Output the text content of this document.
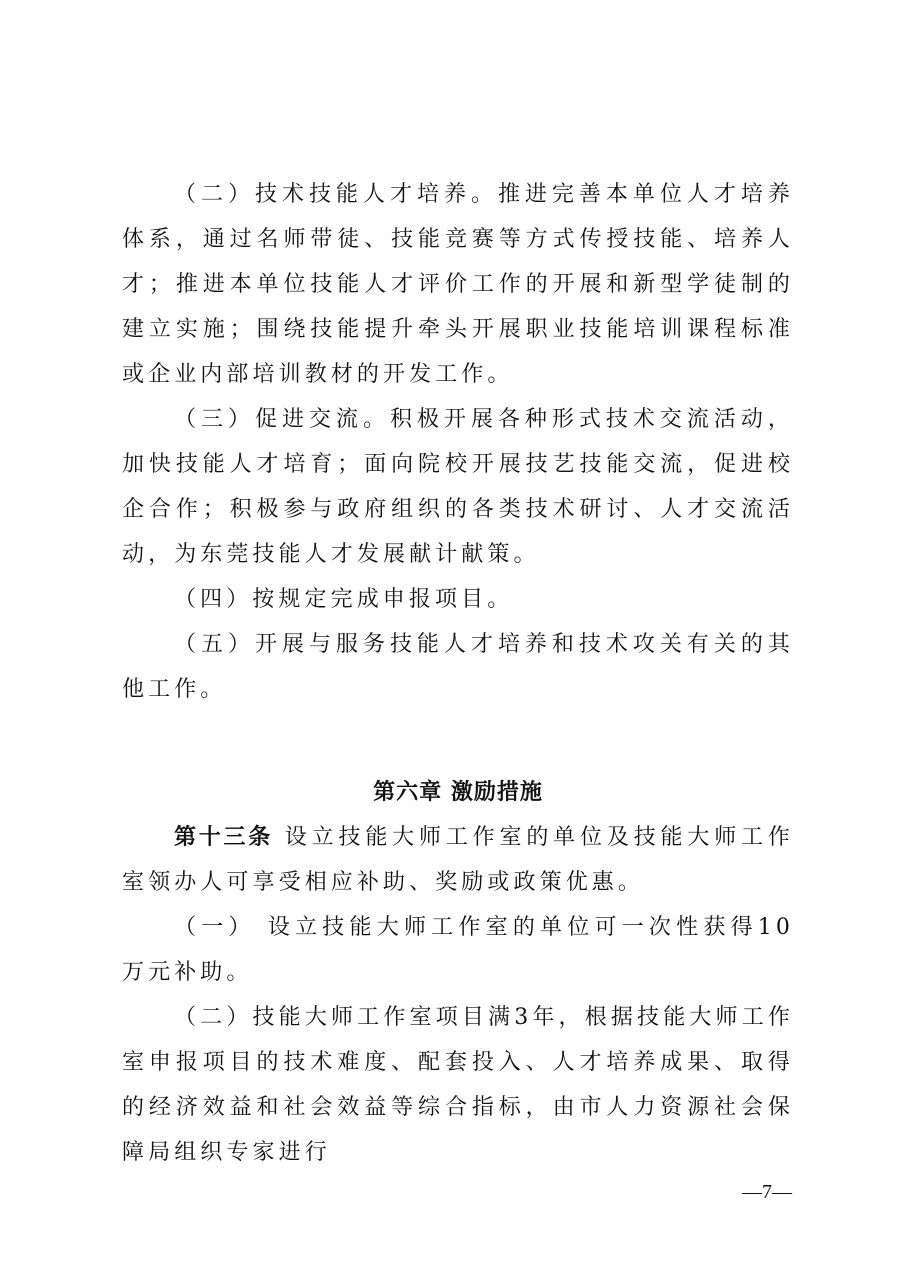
（二）技术技能人才培养。推进完善本单位人才培养体系，通过名师带徒、技能竞赛等方式传授技能、培养人才；推进本单位技能人才评价工作的开展和新型学徒制的建立实施；围绕技能提升牵头开展职业技能培训课程标准或企业内部培训教材的开发工作。

（三）促进交流。积极开展各种形式技术交流活动，加快技能人才培育；面向院校开展技艺技能交流，促进校企合作；积极参与政府组织的各类技术研讨、人才交流活动，为东莞技能人才发展献计献策。

（四）按规定完成申报项目。

（五）开展与服务技能人才培养和技术攻关有关的其他工作。

第六章 激励措施

第十三条 设立技能大师工作室的单位及技能大师工作室领办人可享受相应补助、奖励或政策优惠。

（一） 设立技能大师工作室的单位可一次性获得10万元补助。

（二）技能大师工作室项目满3年，根据技能大师工作室申报项目的技术难度、配套投入、人才培养成果、取得的经济效益和社会效益等综合指标，由市人力资源社会保障局组织专家进行

—7—
